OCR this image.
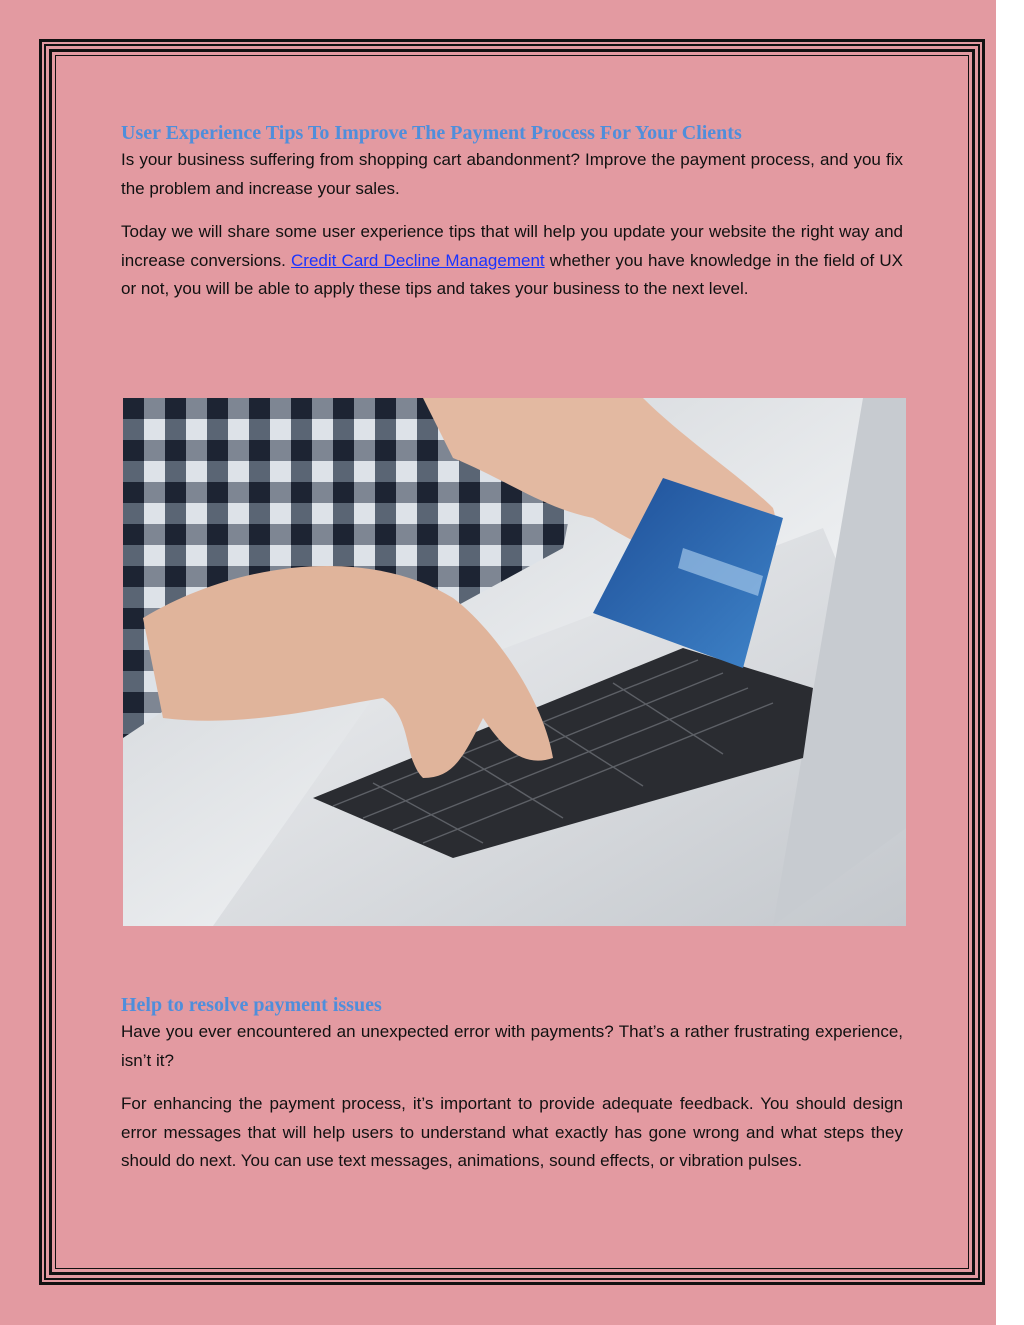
User Experience Tips To Improve The Payment Process For Your Clients

Is your business suffering from shopping cart abandonment? Improve the payment process, and you fix the problem and increase your sales.

Today we will share some user experience tips that will help you update your website the right way and increase conversions. Credit Card Decline Management whether you have knowledge in the field of UX or not, you will be able to apply these tips and takes your business to the next level.

Help to resolve payment issues

Have you ever encountered an unexpected error with payments? That’s a rather frustrating experience, isn’t it?

For enhancing the payment process, it’s important to provide adequate feedback. You should design error messages that will help users to understand what exactly has gone wrong and what steps they should do next. You can use text messages, animations, sound effects, or vibration pulses.
